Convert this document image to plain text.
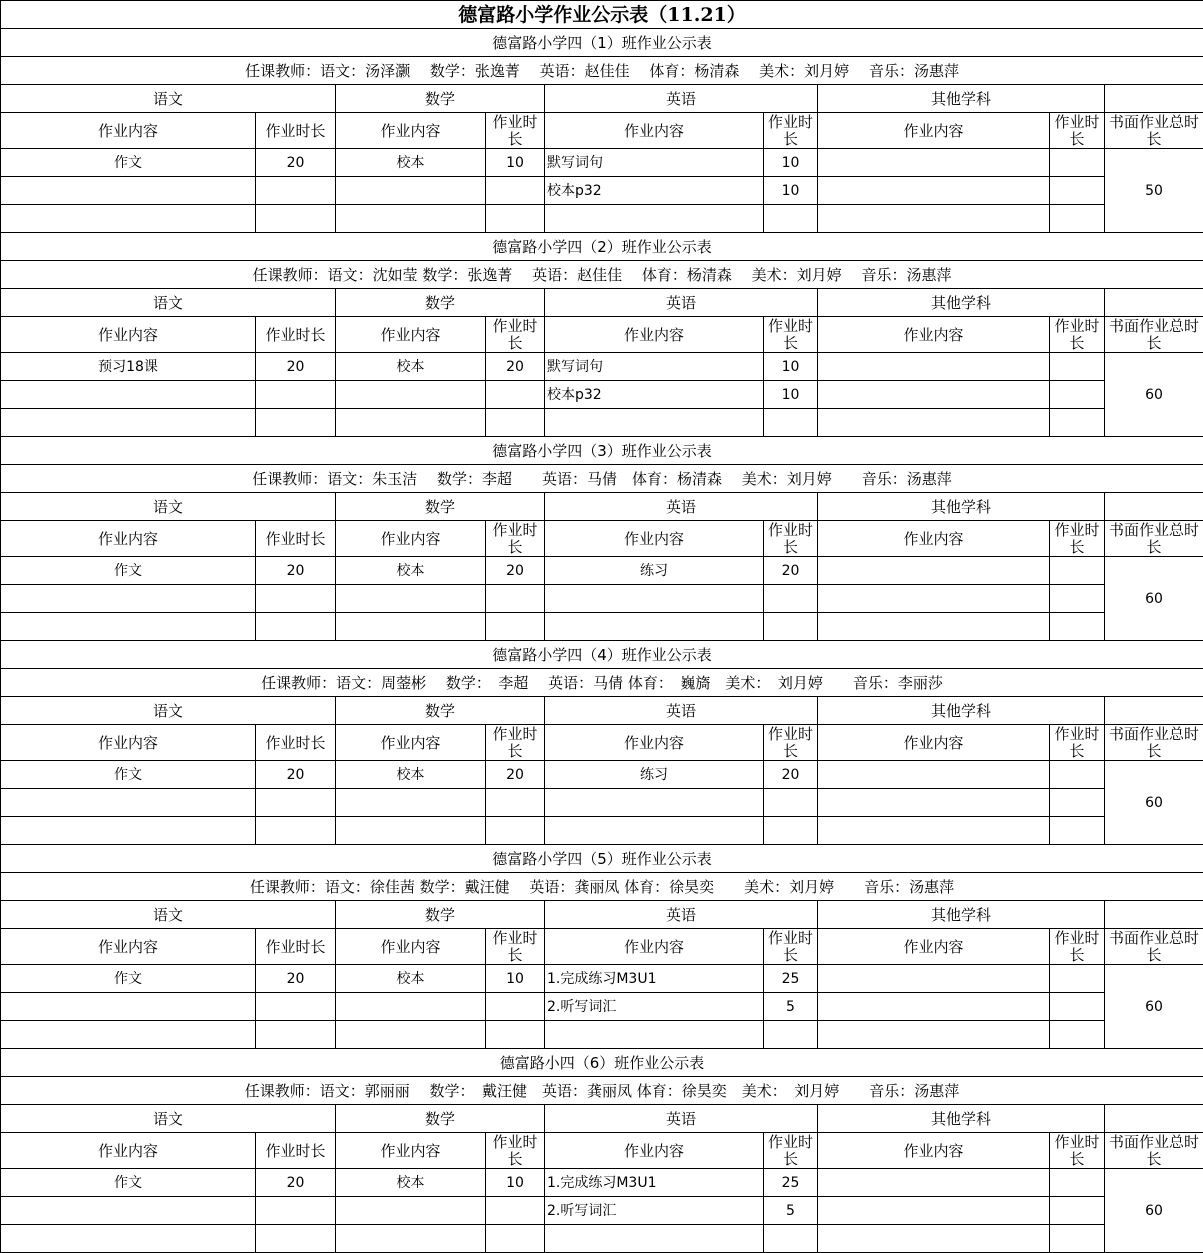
德富路小学作业公示表（11.21）								
德富路小学四（1）班作业公示表								
任课教师：语文：汤泽灏　 数学：张逸菁　 英语：赵佳佳　 体育：杨清森　 美术：刘月婷　 音乐：汤惠萍								
语文		数学		英语		其他学科		
作业内容	作业时长	作业内容	作业时长	作业内容	作业时长	作业内容	作业时长	书面作业总时长
作文	20	校本	10	默写词句	10			50
				校本p32	10			

德富路小学四（2）班作业公示表								
任课教师：语文：沈如莹 数学：张逸菁　 英语：赵佳佳　 体育：杨清森　 美术：刘月婷　 音乐：汤惠萍								
语文		数学		英语		其他学科		
作业内容	作业时长	作业内容	作业时长	作业内容	作业时长	作业内容	作业时长	书面作业总时长
预习18课	20	校本	20	默写词句	10			60
				校本p32	10			

德富路小学四（3）班作业公示表								
任课教师：语文：朱玉洁　 数学：李超　　英语：马倩　体育：杨清森　 美术：刘月婷　　音乐：汤惠萍								
语文		数学		英语		其他学科		
作业内容	作业时长	作业内容	作业时长	作业内容	作业时长	作业内容	作业时长	书面作业总时长
作文	20	校本	20	练习	20			60

德富路小学四（4）班作业公示表								
任课教师：语文：周蓥彬　 数学：　李超　 英语：马倩 体育：　巍旖　美术：　刘月婷　　音乐：李丽莎								
语文		数学		英语		其他学科		
作业内容	作业时长	作业内容	作业时长	作业内容	作业时长	作业内容	作业时长	书面作业总时长
作文	20	校本	20	练习	20			60

德富路小学四（5）班作业公示表								
任课教师：语文：徐佳茜 数学：戴汪健　 英语：龚丽凤 体育：徐昊奕　　美术：刘月婷　　音乐：汤惠萍								
语文		数学		英语		其他学科		
作业内容	作业时长	作业内容	作业时长	作业内容	作业时长	作业内容	作业时长	书面作业总时长
作文	20	校本	10	1.完成练习M3U1	25			60
				2.听写词汇	5			

德富路小四（6）班作业公示表								
任课教师：语文：郭丽丽　 数学：　戴汪健　英语：龚丽凤 体育：徐昊奕　美术：　刘月婷　　音乐：汤惠萍								
语文		数学		英语		其他学科		
作业内容	作业时长	作业内容	作业时长	作业内容	作业时长	作业内容	作业时长	书面作业总时长
作文	20	校本	10	1.完成练习M3U1	25			60
				2.听写词汇	5			
